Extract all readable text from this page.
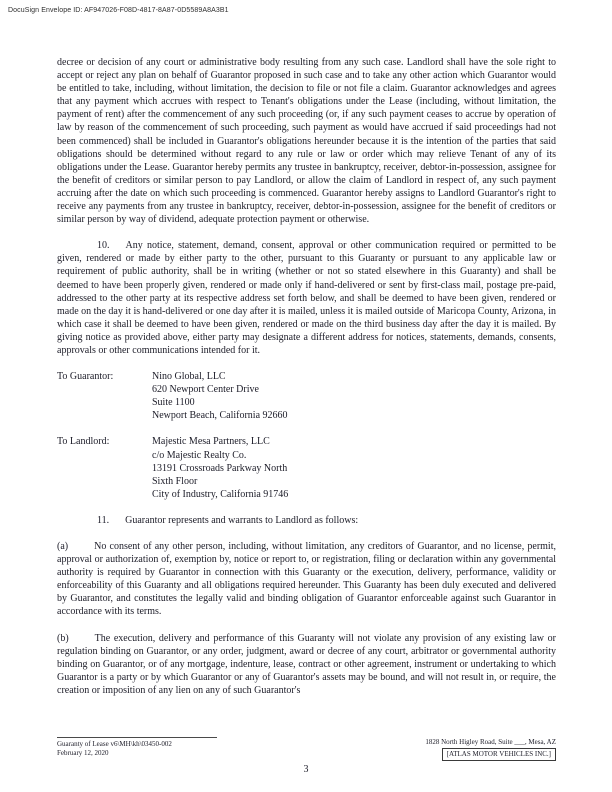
DocuSign Envelope ID: AF947026-F08D-4817-8A87-0D5589A8A3B1

decree or decision of any court or administrative body resulting from any such case. Landlord shall have the sole right to accept or reject any plan on behalf of Guarantor proposed in such case and to take any other action which Guarantor would be entitled to take, including, without limitation, the decision to file or not file a claim. Guarantor acknowledges and agrees that any payment which accrues with respect to Tenant's obligations under the Lease (including, without limitation, the payment of rent) after the commencement of any such proceeding (or, if any such payment ceases to accrue by operation of law by reason of the commencement of such proceeding, such payment as would have accrued if said proceedings had not been commenced) shall be included in Guarantor's obligations hereunder because it is the intention of the parties that said obligations should be determined without regard to any rule or law or order which may relieve Tenant of any of its obligations under the Lease. Guarantor hereby permits any trustee in bankruptcy, receiver, debtor-in-possession, assignee for the benefit of creditors or similar person to pay Landlord, or allow the claim of Landlord in respect of, any such payment accruing after the date on which such proceeding is commenced. Guarantor hereby assigns to Landlord Guarantor's right to receive any payments from any trustee in bankruptcy, receiver, debtor-in-possession, assignee for the benefit of creditors or similar person by way of dividend, adequate protection payment or otherwise.

10. Any notice, statement, demand, consent, approval or other communication required or permitted to be given, rendered or made by either party to the other, pursuant to this Guaranty or pursuant to any applicable law or requirement of public authority, shall be in writing (whether or not so stated elsewhere in this Guaranty) and shall be deemed to have been properly given, rendered or made only if hand-delivered or sent by first-class mail, postage pre-paid, addressed to the other party at its respective address set forth below, and shall be deemed to have been given, rendered or made on the day it is hand-delivered or one day after it is mailed, unless it is mailed outside of Maricopa County, Arizona, in which case it shall be deemed to have been given, rendered or made on the third business day after the day it is mailed. By giving notice as provided above, either party may designate a different address for notices, statements, demands, consents, approvals or other communications intended for it.

To Guarantor:	Nino Global, LLC
620 Newport Center Drive
Suite 1100
Newport Beach, California 92660
To Landlord:	Majestic Mesa Partners, LLC
c/o Majestic Realty Co.
13191 Crossroads Parkway North
Sixth Floor
City of Industry, California 91746

11. Guarantor represents and warrants to Landlord as follows:

(a)	No consent of any other person, including, without limitation, any creditors of Guarantor, and no license, permit, approval or authorization of, exemption by, notice or report to, or registration, filing or declaration within any governmental authority is required by Guarantor in connection with this Guaranty or the execution, delivery, performance, validity or enforceability of this Guaranty and all obligations required hereunder. This Guaranty has been duly executed and delivered by Guarantor, and constitutes the legally valid and binding obligation of Guarantor enforceable against such Guarantor in accordance with its terms.

(b)	The execution, delivery and performance of this Guaranty will not violate any provision of any existing law or regulation binding on Guarantor, or any order, judgment, award or decree of any court, arbitrator or governmental authority binding on Guarantor, or of any mortgage, indenture, lease, contract or other agreement, instrument or undertaking to which Guarantor is a party or by which Guarantor or any of Guarantor's assets may be bound, and will not result in, or require, the creation or imposition of any lien on any of such Guarantor's

Guaranty of Lease v6\MH\kh\03450-002
February 12, 2020
1828 North Higley Road, Suite ___, Mesa, AZ
[ATLAS MOTOR VEHICLES INC.]
3
